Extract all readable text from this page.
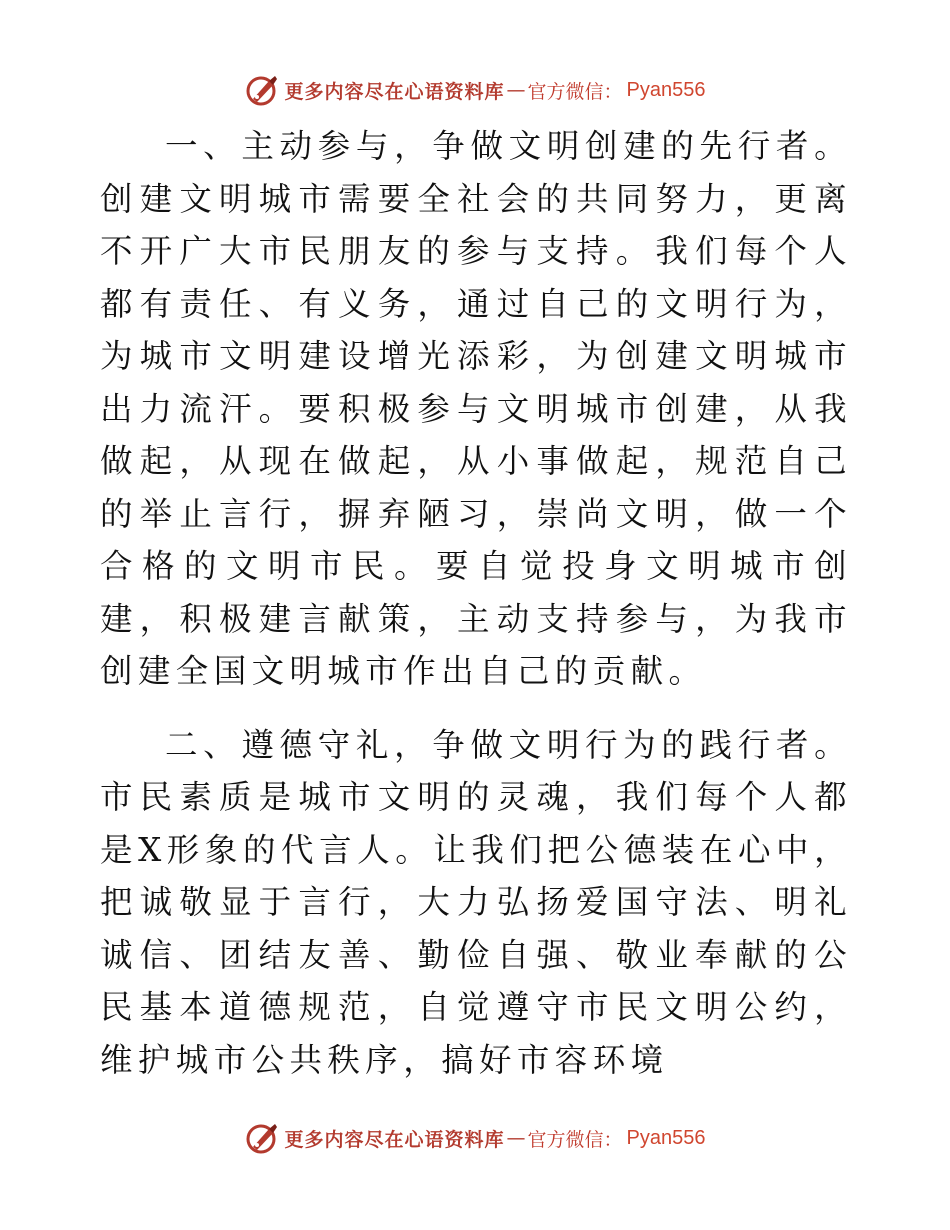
更多内容尽在心语资料库 — 官方微信： Pyan556

一、主动参与，争做文明创建的先行者。创建文明城市需要全社会的共同努力，更离不开广大市民朋友的参与支持。我们每个人都有责任、有义务，通过自己的文明行为，为城市文明建设增光添彩，为创建文明城市出力流汗。要积极参与文明城市创建，从我做起，从现在做起，从小事做起，规范自己的举止言行，摒弃陋习，崇尚文明，做一个合格的文明市民。要自觉投身文明城市创建，积极建言献策，主动支持参与，为我市创建全国文明城市作出自己的贡献。

二、遵德守礼，争做文明行为的践行者。市民素质是城市文明的灵魂，我们每个人都是X形象的代言人。让我们把公德装在心中，把诚敬显于言行，大力弘扬爱国守法、明礼诚信、团结友善、勤俭自强、敬业奉献的公民基本道德规范，自觉遵守市民文明公约，维护城市公共秩序，搞好市容环境

更多内容尽在心语资料库 — 官方微信： Pyan556
